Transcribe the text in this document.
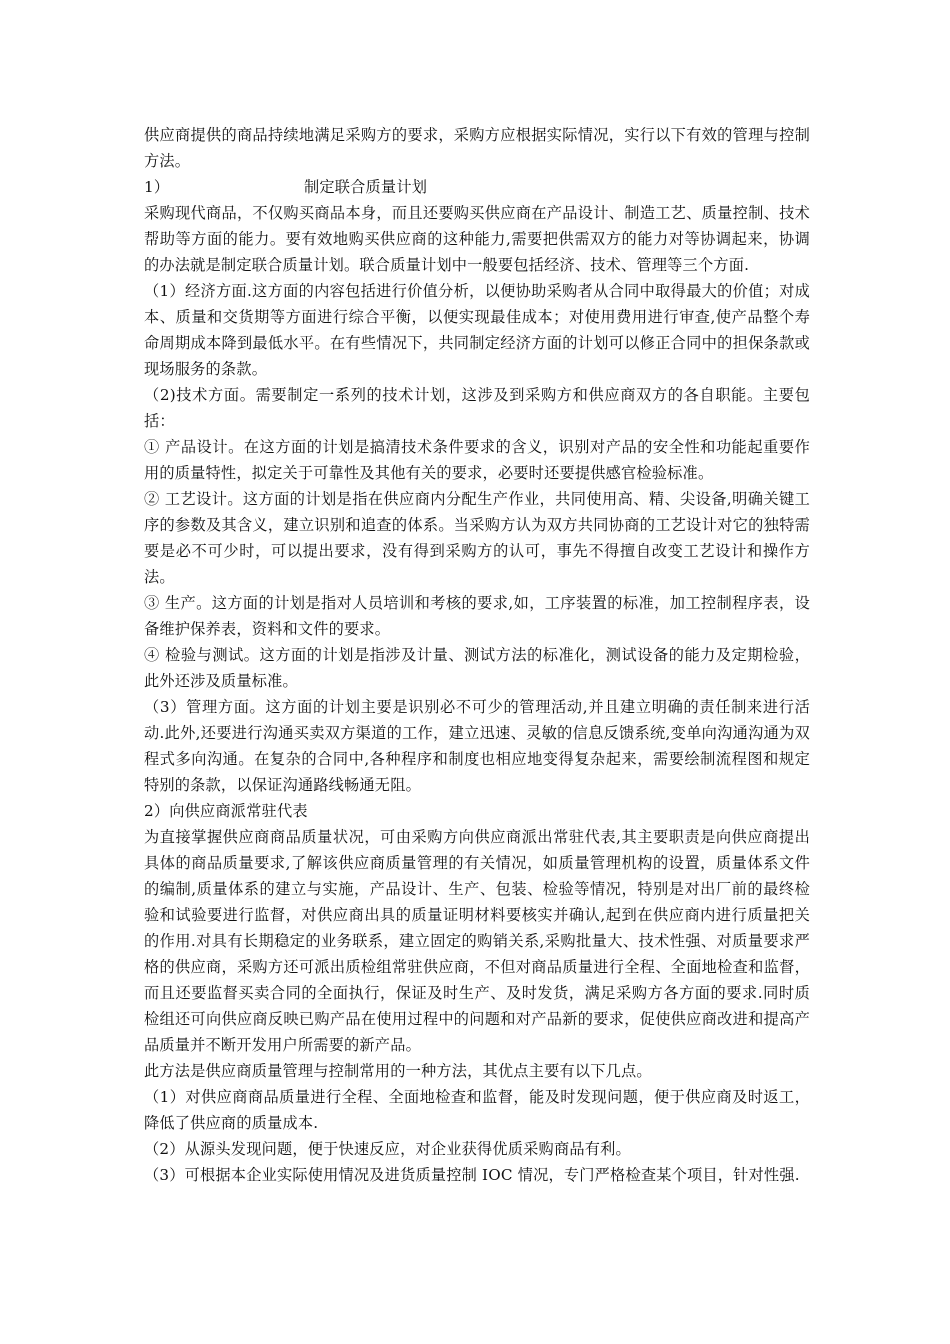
供应商提供的商品持续地满足采购方的要求，采购方应根据实际情况，实行以下有效的管理与控制方法。

1）	制定联合质量计划

采购现代商品，不仅购买商品本身，而且还要购买供应商在产品设计、制造工艺、质量控制、技术帮助等方面的能力。要有效地购买供应商的这种能力,需要把供需双方的能力对等协调起来，协调的办法就是制定联合质量计划。联合质量计划中一般要包括经济、技术、管理等三个方面.

（1）经济方面.这方面的内容包括进行价值分析，以便协助采购者从合同中取得最大的价值；对成本、质量和交货期等方面进行综合平衡，以便实现最佳成本；对使用费用进行审查,使产品整个寿命周期成本降到最低水平。在有些情况下，共同制定经济方面的计划可以修正合同中的担保条款或现场服务的条款。

（2)技术方面。需要制定一系列的技术计划，这涉及到采购方和供应商双方的各自职能。主要包括：

① 产品设计。在这方面的计划是搞清技术条件要求的含义，识别对产品的安全性和功能起重要作用的质量特性，拟定关于可靠性及其他有关的要求，必要时还要提供感官检验标准。

② 工艺设计。这方面的计划是指在供应商内分配生产作业，共同使用高、精、尖设备,明确关键工序的参数及其含义，建立识别和追查的体系。当采购方认为双方共同协商的工艺设计对它的独特需要是必不可少时，可以提出要求，没有得到采购方的认可，事先不得擅自改变工艺设计和操作方法。

③ 生产。这方面的计划是指对人员培训和考核的要求,如，工序装置的标准，加工控制程序表，设备维护保养表，资料和文件的要求。

④ 检验与测试。这方面的计划是指涉及计量、测试方法的标准化，测试设备的能力及定期检验，此外还涉及质量标准。

（3）管理方面。这方面的计划主要是识别必不可少的管理活动,并且建立明确的责任制来进行活动.此外,还要进行沟通买卖双方渠道的工作，建立迅速、灵敏的信息反馈系统,变单向沟通沟通为双程式多向沟通。在复杂的合同中,各种程序和制度也相应地变得复杂起来，需要绘制流程图和规定特别的条款，以保证沟通路线畅通无阻。

2）向供应商派常驻代表

为直接掌握供应商商品质量状况，可由采购方向供应商派出常驻代表,其主要职责是向供应商提出具体的商品质量要求,了解该供应商质量管理的有关情况，如质量管理机构的设置，质量体系文件的编制,质量体系的建立与实施，产品设计、生产、包装、检验等情况，特别是对出厂前的最终检验和试验要进行监督，对供应商出具的质量证明材料要核实并确认,起到在供应商内进行质量把关的作用.对具有长期稳定的业务联系，建立固定的购销关系,采购批量大、技术性强、对质量要求严格的供应商，采购方还可派出质检组常驻供应商，不但对商品质量进行全程、全面地检查和监督，而且还要监督买卖合同的全面执行，保证及时生产、及时发货，满足采购方各方面的要求.同时质检组还可向供应商反映已购产品在使用过程中的问题和对产品新的要求，促使供应商改进和提高产品质量并不断开发用户所需要的新产品。

此方法是供应商质量管理与控制常用的一种方法，其优点主要有以下几点。

（1）对供应商商品质量进行全程、全面地检查和监督，能及时发现问题，便于供应商及时返工，降低了供应商的质量成本.

（2）从源头发现问题，便于快速反应，对企业获得优质采购商品有利。

（3）可根据本企业实际使用情况及进货质量控制 IOC 情况，专门严格检查某个项目，针对性强.
